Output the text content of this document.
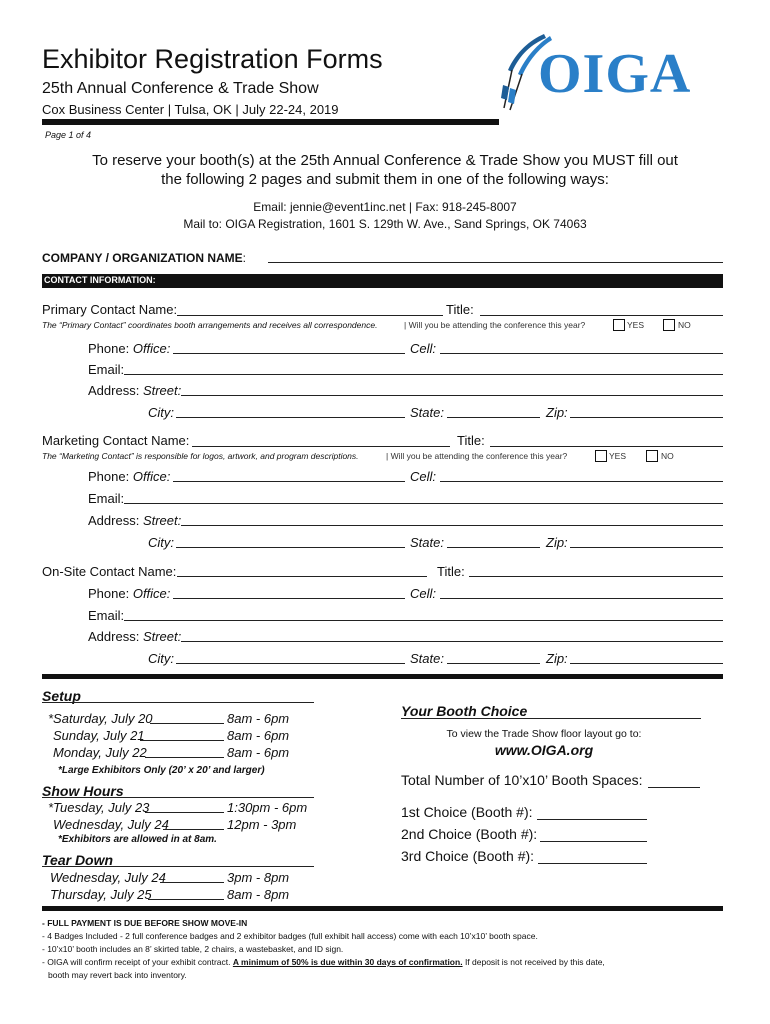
Exhibitor Registration Forms
25th Annual Conference & Trade Show
Cox Business Center | Tulsa, OK | July 22-24, 2019
Page 1 of 4
OIGA
To reserve your booth(s) at the 25th Annual Conference & Trade Show you MUST fill out
the following 2 pages and submit them in one of the following ways:
Email: jennie@event1inc.net | Fax: 918-245-8007
Mail to: OIGA Registration, 1601 S. 129th W. Ave., Sand Springs, OK 74063
COMPANY / ORGANIZATION NAME:
CONTACT INFORMATION:
Primary Contact Name:	Title:
The “Primary Contact” coordinates booth arrangements and receives all correspondence.	| Will you be attending the conference this year?	YES	NO
Phone: Office:	Cell:
Email:
Address: Street:
City:	State:	Zip:
Marketing Contact Name:	Title:
The “Marketing Contact” is responsible for logos, artwork, and program descriptions.	| Will you be attending the conference this year?	YES	NO
Phone: Office:	Cell:
Email:
Address: Street:
City:	State:	Zip:
On-Site Contact Name:	Title:
Phone: Office:	Cell:
Email:
Address: Street:
City:	State:	Zip:
Setup
*Saturday, July 20	8am - 6pm
Sunday, July 21	8am - 6pm
Monday, July 22	8am - 6pm
*Large Exhibitors Only (20’ x 20’ and larger)
Show Hours
*Tuesday, July 23	1:30pm - 6pm
Wednesday, July 24	12pm - 3pm
*Exhibitors are allowed in at 8am.
Tear Down
Wednesday, July 24	3pm - 8pm
Thursday, July 25	8am - 8pm
Your Booth Choice
To view the Trade Show floor layout go to:
www.OIGA.org
Total Number of 10’x10’ Booth Spaces:
1st Choice (Booth #):
2nd Choice (Booth #):
3rd Choice (Booth #):
- FULL PAYMENT IS DUE BEFORE SHOW MOVE-IN
- 4 Badges Included - 2 full conference badges and 2 exhibitor badges (full exhibit hall access) come with each 10’x10’ booth space.
- 10’x10’ booth includes an 8’ skirted table, 2 chairs, a wastebasket, and ID sign.
- OIGA will confirm receipt of your exhibit contract. A minimum of 50% is due within 30 days of confirmation. If deposit is not received by this date,
booth may revert back into inventory.
